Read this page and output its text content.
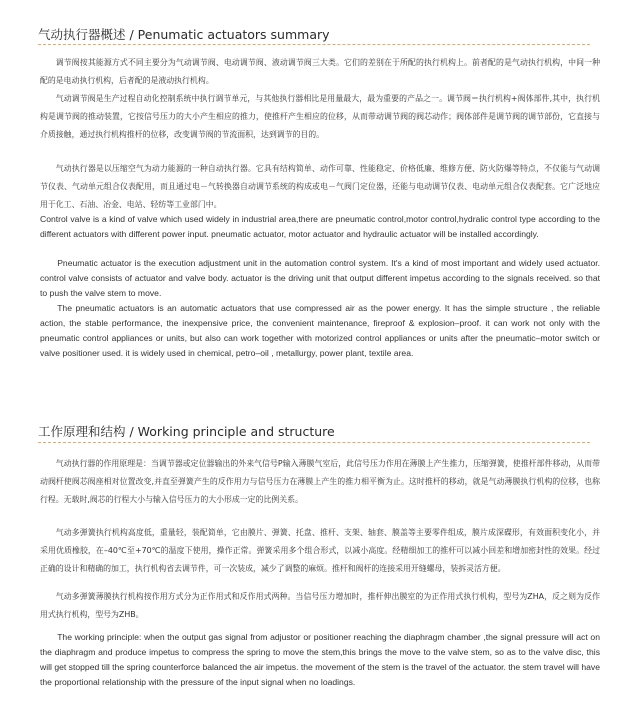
气动执行器概述 / Penumatic actuators summary

调节阀按其能源方式不同主要分为气动调节阀、电动调节阀、液动调节阀三大类。它们的差别在于所配的执行机构上。前者配的是气动执行机构，中间一种配的是电动执行机构，后者配的是液动执行机构。

气动调节阀是生产过程自动化控制系统中执行调节单元，与其他执行器相比是用量最大，最为重要的产品之一。调节阀＝执行机构+阀体部件,其中，执行机构是调节阀的推动装置，它按信号压力的大小产生相应的推力，使推杆产生相应的位移，从而带动调节阀的阀芯动作；阀体部件是调节阀的调节部份，它直接与介质接触，通过执行机构推杆的位移，改变调节阀的节流面积，达到调节的目的。

气动执行器是以压缩空气为动力能源的一种自动执行器。它具有结构简单、动作可靠、性能稳定、价格低廉、维修方便、防火防爆等特点，不仅能与气动调节仪表、气动单元组合仪表配用，而且通过电－气转换器自动调节系统的构成或电－气阀门定位器，还能与电动调节仪表、电动单元组合仪表配套。它广泛地应用于化工、石油、冶金、电站、轻纺等工业部门中。

Control valve is a kind of valve which used widely in industrial area,there are pneumatic control,motor control,hydralic control type according to the different actuators with different power input. pneumatic actuator, motor actuator and hydraulic actuator will be installed accordingly.

Pneumatic actuator is the execution adjustment unit in the automation control system. It's a kind of most important and widely used actuator. control valve consists of actuator and valve body. actuator is the driving unit that output different impetus according to the signals received. so that to push the valve stem to move.

The pneumatic actuators is an automatic actuators that use compressed air as the power energy. It has the simple structure , the reliable action, the stable performance, the inexpensive price, the convenient maintenance, fireproof & explosion–proof. it can work not only with the pneumatic control appliances or units, but also can work together with motorized control appliances or units after the pneumatic–motor switch or valve positioner used. it is widely used in chemical, petro–oil , metallurgy, power plant, textile area.

工作原理和结构 / Working principle and structure

气动执行器的作用原理是：当调节器或定位器输出的外来气信号P输入薄膜气室后，此信号压力作用在薄膜上产生推力，压缩弹簧，使推杆部件移动，从而带动阀杆使阀芯阀座相对位置改变,并直至弹簧产生的反作用力与信号压力在薄膜上产生的推力相平衡为止。这时推杆的移动，就是气动薄膜执行机构的位移，也称行程。无载时,阀芯的行程大小与输入信号压力的大小形成一定的比例关系。

气动多弹簧执行机构高度低，重量轻，装配简单，它由膜片、弹簧、托盘、推杆、支架、轴套、膜盖等主要零件组成，膜片成深碟形，有效面积变化小，并采用优质橡胶，在–40℃至+70℃的温度下使用，操作正常。弹簧采用多个组合形式，以减小高度。经精细加工的推杆可以减小回差和增加密封性的效果。经过正确的设计和精确的加工，执行机构省去调节件，可一次装成，减少了调整的麻烦。推杆和阀杆的连接采用开缝螺母，装拆灵活方便。

气动多弹簧薄膜执行机构按作用方式分为正作用式和反作用式两种。当信号压力增加时，推杆伸出膜室的为正作用式执行机构，型号为ZHA，反之则为反作用式执行机构，型号为ZHB。

The working principle: when the output gas signal from adjustor or positioner reaching the diaphragm chamber ,the signal pressure will act on the diaphragm and produce impetus to compress the spring to move the stem,this brings the move to the valve stem, so as to the valve disc, this will get stopped till the spring counterforce balanced the air impetus. the movement of the stem is the travel of the actuator. the stem travel will have the proportional relationship with the pressure of the input signal when no loadings.
